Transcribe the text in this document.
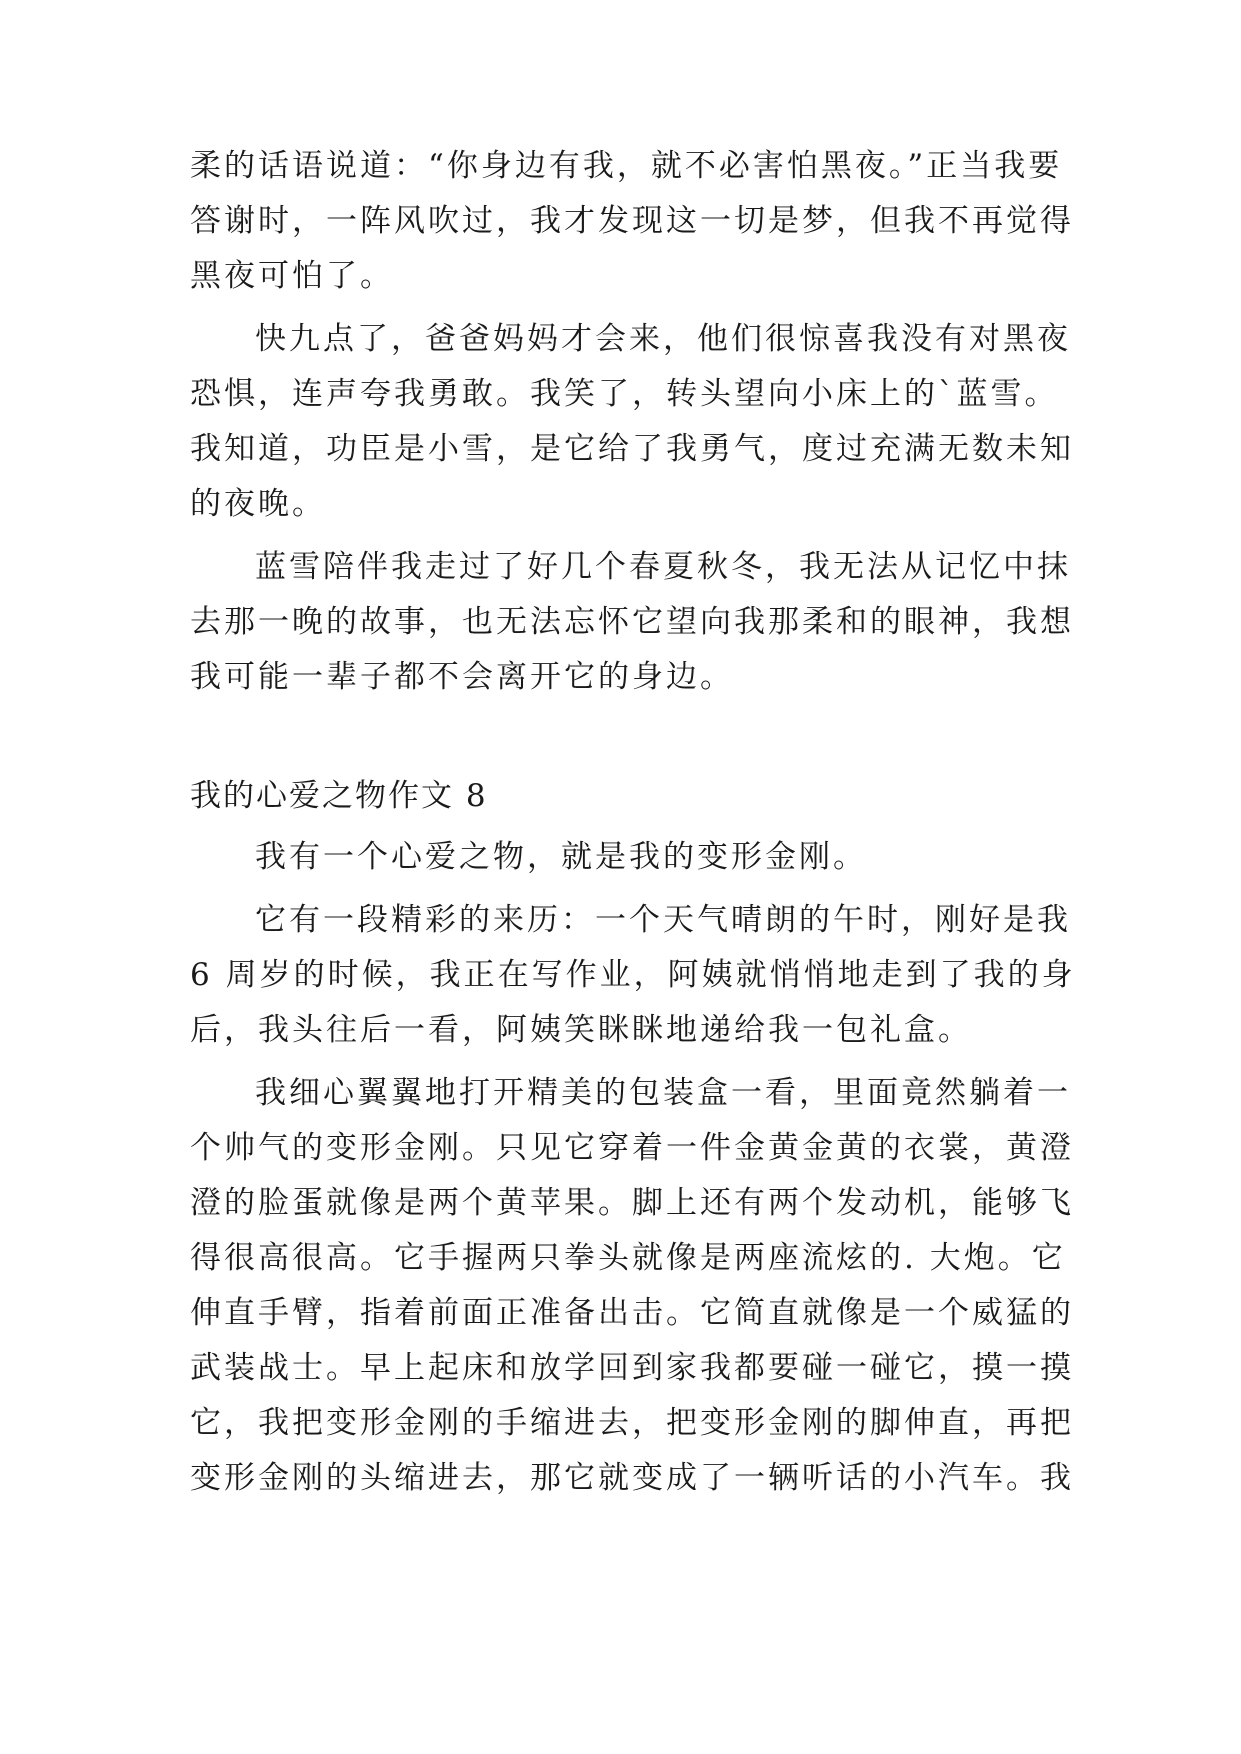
柔的话语说道：“你身边有我，就不必害怕黑夜。”正当我要
答谢时，一阵风吹过，我才发现这一切是梦，但我不再觉得
黑夜可怕了。
快九点了，爸爸妈妈才会来，他们很惊喜我没有对黑夜
恐惧，连声夸我勇敢。我笑了，转头望向小床上的`蓝雪。
我知道，功臣是小雪，是它给了我勇气，度过充满无数未知
的夜晚。
蓝雪陪伴我走过了好几个春夏秋冬，我无法从记忆中抹
去那一晚的故事，也无法忘怀它望向我那柔和的眼神，我想
我可能一辈子都不会离开它的身边。
我的心爱之物作文 8
我有一个心爱之物，就是我的变形金刚。
它有一段精彩的来历：一个天气晴朗的午时，刚好是我
6 周岁的时候，我正在写作业，阿姨就悄悄地走到了我的身
后，我头往后一看，阿姨笑眯眯地递给我一包礼盒。
我细心翼翼地打开精美的包装盒一看，里面竟然躺着一
个帅气的变形金刚。只见它穿着一件金黄金黄的衣裳，黄澄
澄的脸蛋就像是两个黄苹果。脚上还有两个发动机，能够飞
得很高很高。它手握两只拳头就像是两座流炫的. 大炮。它
伸直手臂，指着前面正准备出击。它简直就像是一个威猛的
武装战士。早上起床和放学回到家我都要碰一碰它，摸一摸
它，我把变形金刚的手缩进去，把变形金刚的脚伸直，再把
变形金刚的头缩进去，那它就变成了一辆听话的小汽车。我
